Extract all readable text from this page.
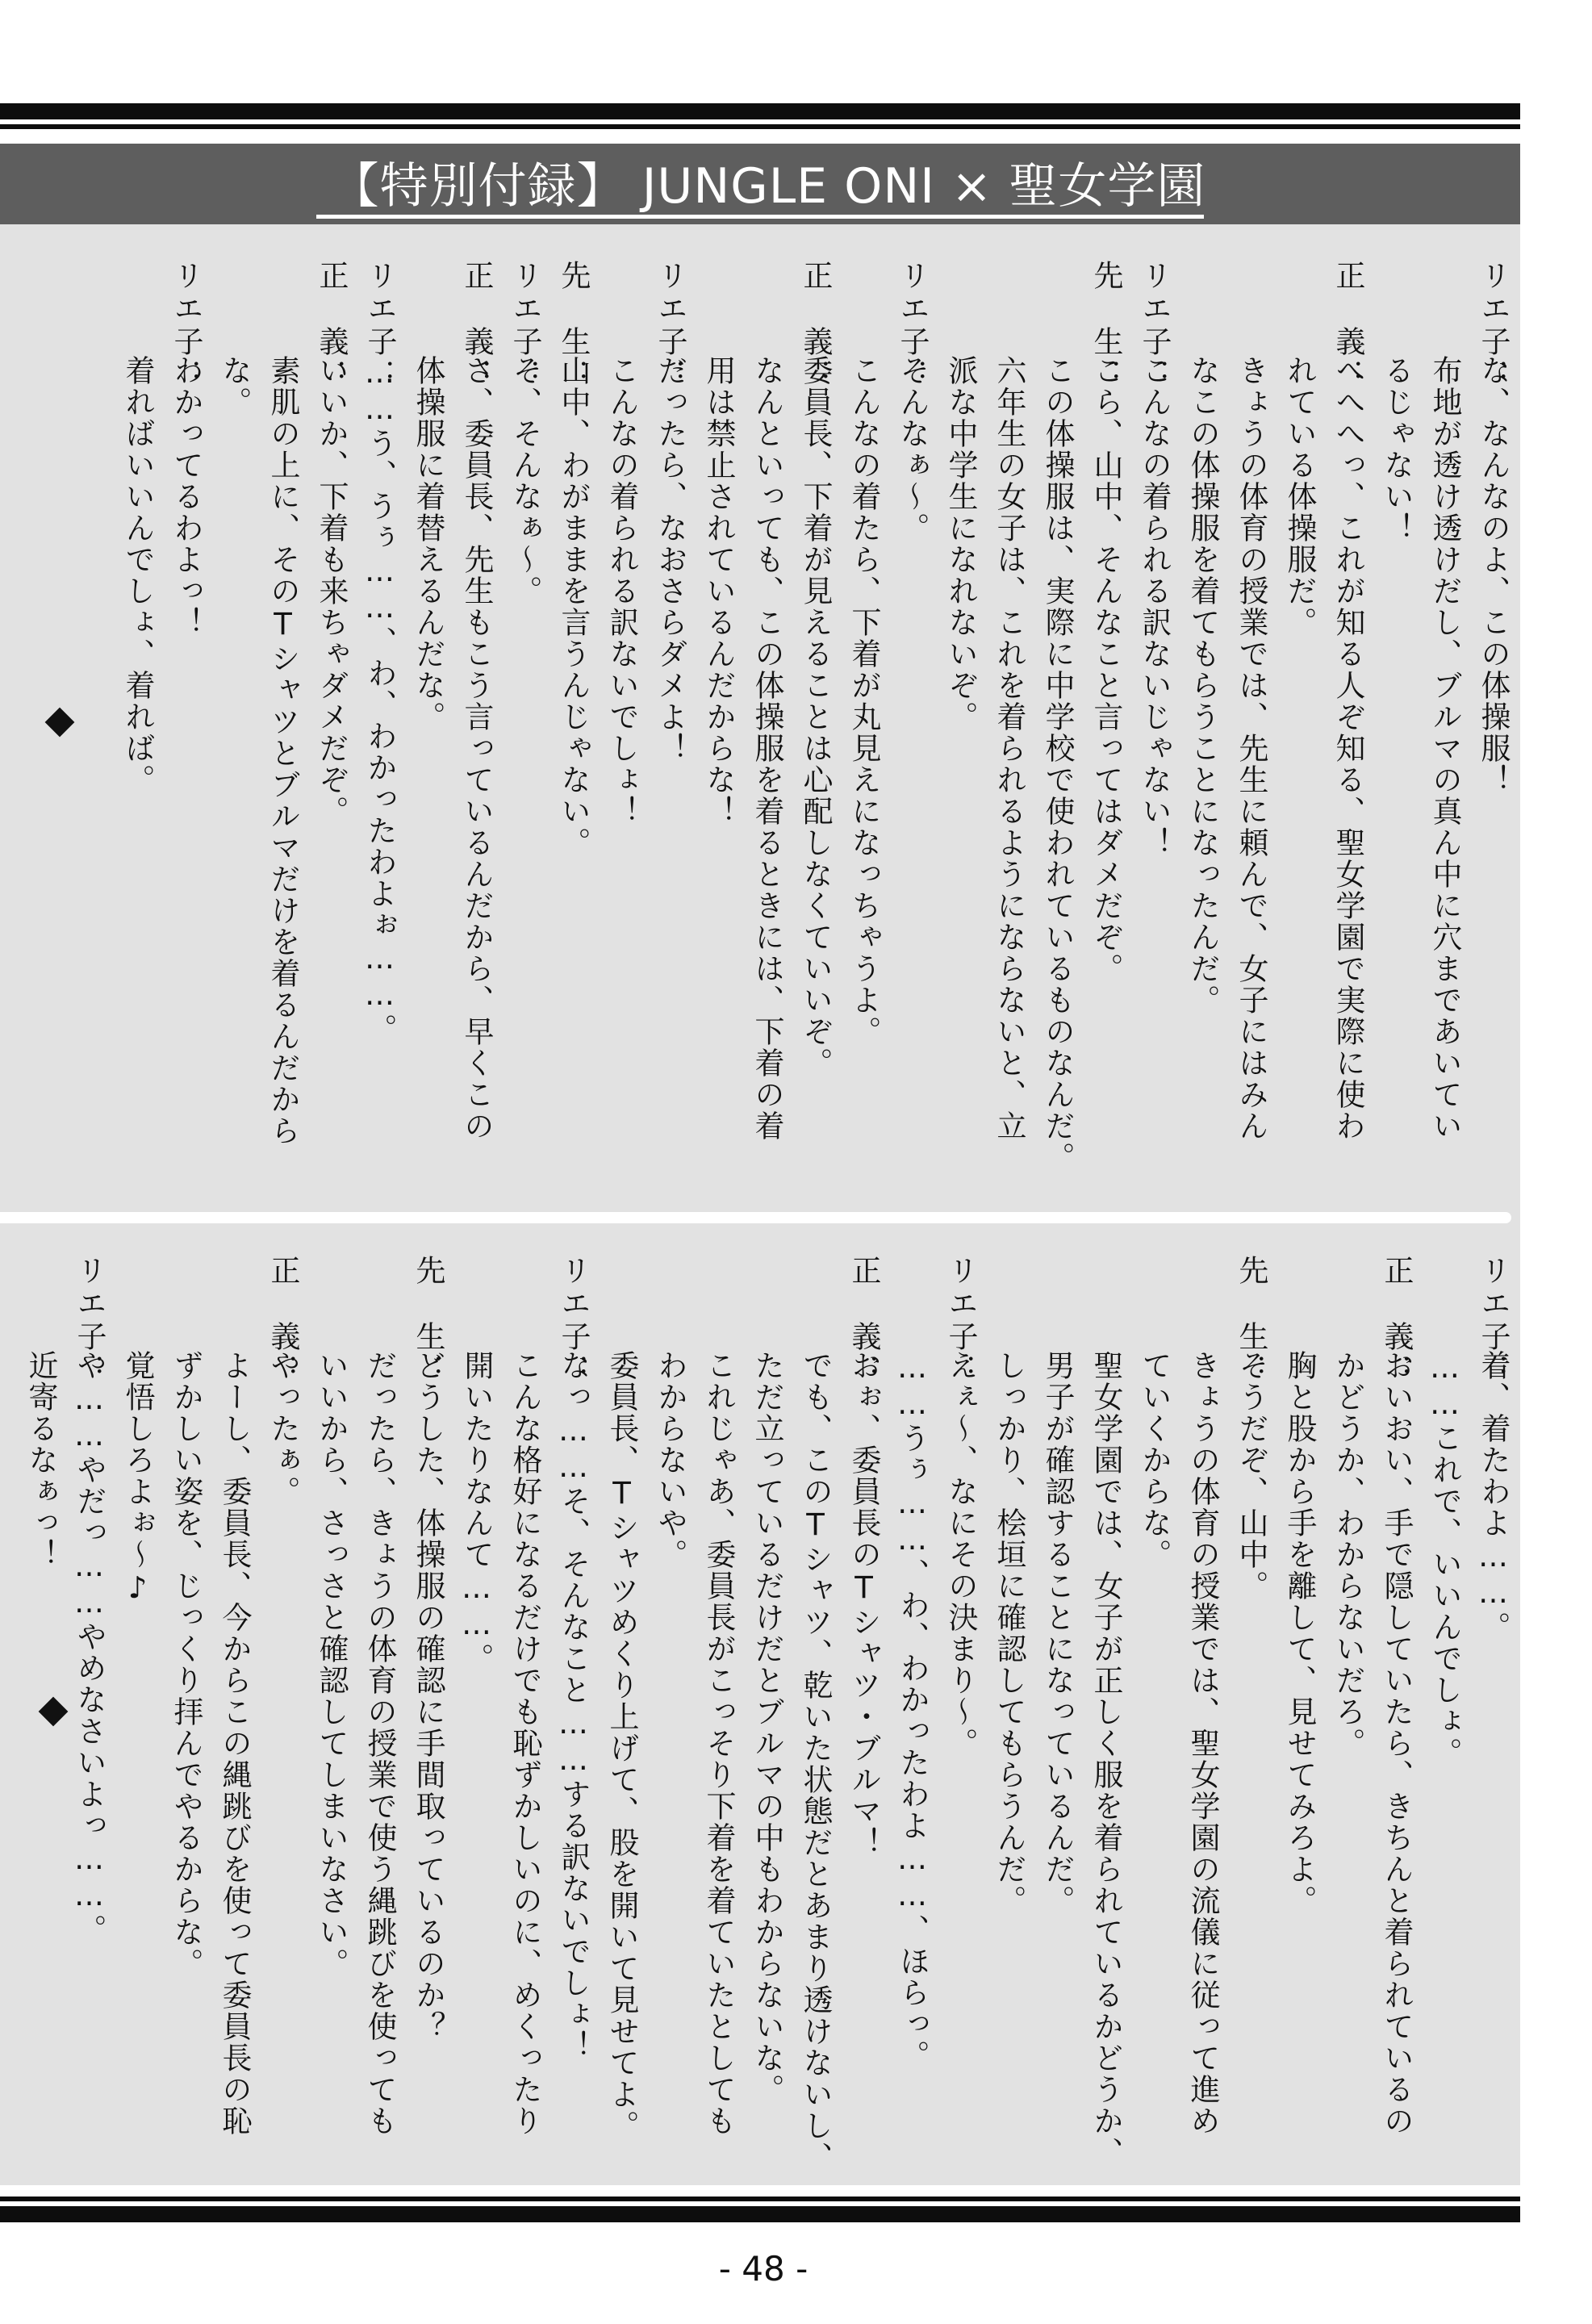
【特別付録】 JUNGLE ONI × 聖女学園
リエ子：
な、なんなのよ、この体操服！
布地が透け透けだし、ブルマの真ん中に穴まであいてい
るじゃない！
正　義：
へへへっ、これが知る人ぞ知る、聖女学園で実際に使わ
れている体操服だ。
きょうの体育の授業では、先生に頼んで、女子にはみん
なこの体操服を着てもらうことになったんだ。
リエ子：
こんなの着られる訳ないじゃない！
先　生：
こら、山中、そんなこと言ってはダメだぞ。
この体操服は、実際に中学校で使われているものなんだ。
六年生の女子は、これを着られるようにならないと、立
派な中学生になれないぞ。
リエ子：
そんなぁ～。
こんなの着たら、下着が丸見えになっちゃうよ。
正　義：
委員長、下着が見えることは心配しなくていいぞ。
なんといっても、この体操服を着るときには、下着の着
用は禁止されているんだからな！
リエ子：
だったら、なおさらダメよ！
こんなの着られる訳ないでしょ！
先　生：
山中、わがままを言うんじゃない。
リエ子：
そ、そんなぁ～。
正　義：
さ、委員長、先生もこう言っているんだから、早くこの
体操服に着替えるんだな。
リエ子：
……う、うぅ……、わ、わかったわよぉ……。
正　義：
いいか、下着も来ちゃダメだぞ。
素肌の上に、そのTシャツとブルマだけを着るんだから
な。
リエ子：
わかってるわよっ！
着ればいいんでしょ、着れば。
リエ子：
着、着たわよ……。
……これで、いいんでしょ。
正　義：
おいおい、手で隠していたら、きちんと着られているの
かどうか、わからないだろ。
胸と股から手を離して、見せてみろよ。
先　生：
そうだぞ、山中。
きょうの体育の授業では、聖女学園の流儀に従って進め
ていくからな。
聖女学園では、女子が正しく服を着られているかどうか、
男子が確認することになっているんだ。
しっかり、桧垣に確認してもらうんだ。
リエ子：
えぇ～、なにその決まり～。
……うぅ……、わ、わかったわよ……、ほらっ。
正　義：
おぉ、委員長のTシャツ・ブルマ！
でも、このTシャツ、乾いた状態だとあまり透けないし、
ただ立っているだけだとブルマの中もわからないな。
これじゃあ、委員長がこっそり下着を着ていたとしても
わからないや。
委員長、Tシャツめくり上げて、股を開いて見せてよ。
リエ子：
なっ……そ、そんなこと……する訳ないでしょ！
こんな格好になるだけでも恥ずかしいのに、めくったり
開いたりなんて……。
先　生：
どうした、体操服の確認に手間取っているのか？
だったら、きょうの体育の授業で使う縄跳びを使っても
いいから、さっさと確認してしまいなさい。
正　義：
やったぁ。
よーし、委員長、今からこの縄跳びを使って委員長の恥
ずかしい姿を、じっくり拝んでやるからな。
覚悟しろよぉ～♪
リエ子：
や……やだっ……やめなさいよっ……。
近寄るなぁっ！
- 48 -
